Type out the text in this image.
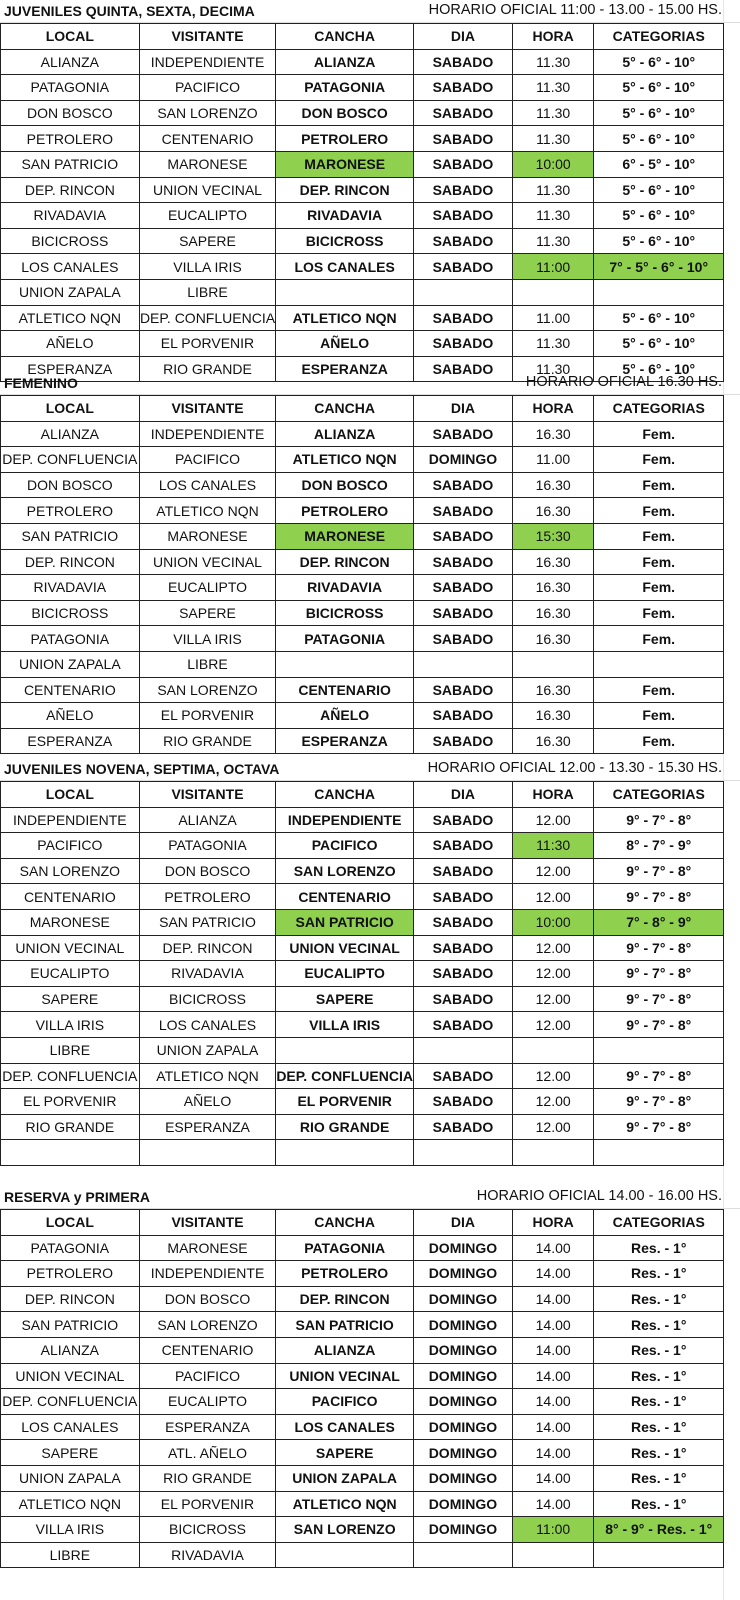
JUVENILES QUINTA, SEXTA, DECIMA	HORARIO OFICIAL 11:00 - 13.00 - 15.00 HS.
LOCAL	VISITANTE	CANCHA	DIA	HORA	CATEGORIAS
ALIANZA	INDEPENDIENTE	ALIANZA	SABADO	11.30	5° - 6° - 10°
PATAGONIA	PACIFICO	PATAGONIA	SABADO	11.30	5° - 6° - 10°
DON BOSCO	SAN LORENZO	DON BOSCO	SABADO	11.30	5° - 6° - 10°
PETROLERO	CENTENARIO	PETROLERO	SABADO	11.30	5° - 6° - 10°
SAN PATRICIO	MARONESE	MARONESE	SABADO	10:00	6° - 5° - 10°
DEP. RINCON	UNION VECINAL	DEP. RINCON	SABADO	11.30	5° - 6° - 10°
RIVADAVIA	EUCALIPTO	RIVADAVIA	SABADO	11.30	5° - 6° - 10°
BICICROSS	SAPERE	BICICROSS	SABADO	11.30	5° - 6° - 10°
LOS CANALES	VILLA IRIS	LOS CANALES	SABADO	11:00	7° - 5° - 6° - 10°
UNION ZAPALA	LIBRE				
ATLETICO NQN	DEP. CONFLUENCIA	ATLETICO NQN	SABADO	11.00	5° - 6° - 10°
AÑELO	EL PORVENIR	AÑELO	SABADO	11.30	5° - 6° - 10°
ESPERANZA	RIO GRANDE	ESPERANZA	SABADO	11.30	5° - 6° - 10°
FEMENINO	HORARIO OFICIAL 16.30 HS.
LOCAL	VISITANTE	CANCHA	DIA	HORA	CATEGORIAS
ALIANZA	INDEPENDIENTE	ALIANZA	SABADO	16.30	Fem.
DEP. CONFLUENCIA	PACIFICO	ATLETICO NQN	DOMINGO	11.00	Fem.
DON BOSCO	LOS CANALES	DON BOSCO	SABADO	16.30	Fem.
PETROLERO	ATLETICO NQN	PETROLERO	SABADO	16.30	Fem.
SAN PATRICIO	MARONESE	MARONESE	SABADO	15:30	Fem.
DEP. RINCON	UNION VECINAL	DEP. RINCON	SABADO	16.30	Fem.
RIVADAVIA	EUCALIPTO	RIVADAVIA	SABADO	16.30	Fem.
BICICROSS	SAPERE	BICICROSS	SABADO	16.30	Fem.
PATAGONIA	VILLA IRIS	PATAGONIA	SABADO	16.30	Fem.
UNION ZAPALA	LIBRE				
CENTENARIO	SAN LORENZO	CENTENARIO	SABADO	16.30	Fem.
AÑELO	EL PORVENIR	AÑELO	SABADO	16.30	Fem.
ESPERANZA	RIO GRANDE	ESPERANZA	SABADO	16.30	Fem.
JUVENILES NOVENA, SEPTIMA, OCTAVA	HORARIO OFICIAL 12.00 - 13.30 - 15.30 HS.
LOCAL	VISITANTE	CANCHA	DIA	HORA	CATEGORIAS
INDEPENDIENTE	ALIANZA	INDEPENDIENTE	SABADO	12.00	9° - 7° - 8°
PACIFICO	PATAGONIA	PACIFICO	SABADO	11:30	8° - 7° - 9°
SAN LORENZO	DON BOSCO	SAN LORENZO	SABADO	12.00	9° - 7° - 8°
CENTENARIO	PETROLERO	CENTENARIO	SABADO	12.00	9° - 7° - 8°
MARONESE	SAN PATRICIO	SAN PATRICIO	SABADO	10:00	7° - 8° - 9°
UNION VECINAL	DEP. RINCON	UNION VECINAL	SABADO	12.00	9° - 7° - 8°
EUCALIPTO	RIVADAVIA	EUCALIPTO	SABADO	12.00	9° - 7° - 8°
SAPERE	BICICROSS	SAPERE	SABADO	12.00	9° - 7° - 8°
VILLA IRIS	LOS CANALES	VILLA IRIS	SABADO	12.00	9° - 7° - 8°
LIBRE	UNION ZAPALA				
DEP. CONFLUENCIA	ATLETICO NQN	DEP. CONFLUENCIA	SABADO	12.00	9° - 7° - 8°
EL PORVENIR	AÑELO	EL PORVENIR	SABADO	12.00	9° - 7° - 8°
RIO GRANDE	ESPERANZA	RIO GRANDE	SABADO	12.00	9° - 7° - 8°

RESERVA y PRIMERA	HORARIO OFICIAL 14.00 - 16.00 HS.
LOCAL	VISITANTE	CANCHA	DIA	HORA	CATEGORIAS
PATAGONIA	MARONESE	PATAGONIA	DOMINGO	14.00	Res. - 1°
PETROLERO	INDEPENDIENTE	PETROLERO	DOMINGO	14.00	Res. - 1°
DEP. RINCON	DON BOSCO	DEP. RINCON	DOMINGO	14.00	Res. - 1°
SAN PATRICIO	SAN LORENZO	SAN PATRICIO	DOMINGO	14.00	Res. - 1°
ALIANZA	CENTENARIO	ALIANZA	DOMINGO	14.00	Res. - 1°
UNION VECINAL	PACIFICO	UNION VECINAL	DOMINGO	14.00	Res. - 1°
DEP. CONFLUENCIA	EUCALIPTO	PACIFICO	DOMINGO	14.00	Res. - 1°
LOS CANALES	ESPERANZA	LOS CANALES	DOMINGO	14.00	Res. - 1°
SAPERE	ATL. AÑELO	SAPERE	DOMINGO	14.00	Res. - 1°
UNION ZAPALA	RIO GRANDE	UNION ZAPALA	DOMINGO	14.00	Res. - 1°
ATLETICO NQN	EL PORVENIR	ATLETICO NQN	DOMINGO	14.00	Res. - 1°
VILLA IRIS	BICICROSS	SAN LORENZO	DOMINGO	11:00	8° - 9° - Res. - 1°
LIBRE	RIVADAVIA				
